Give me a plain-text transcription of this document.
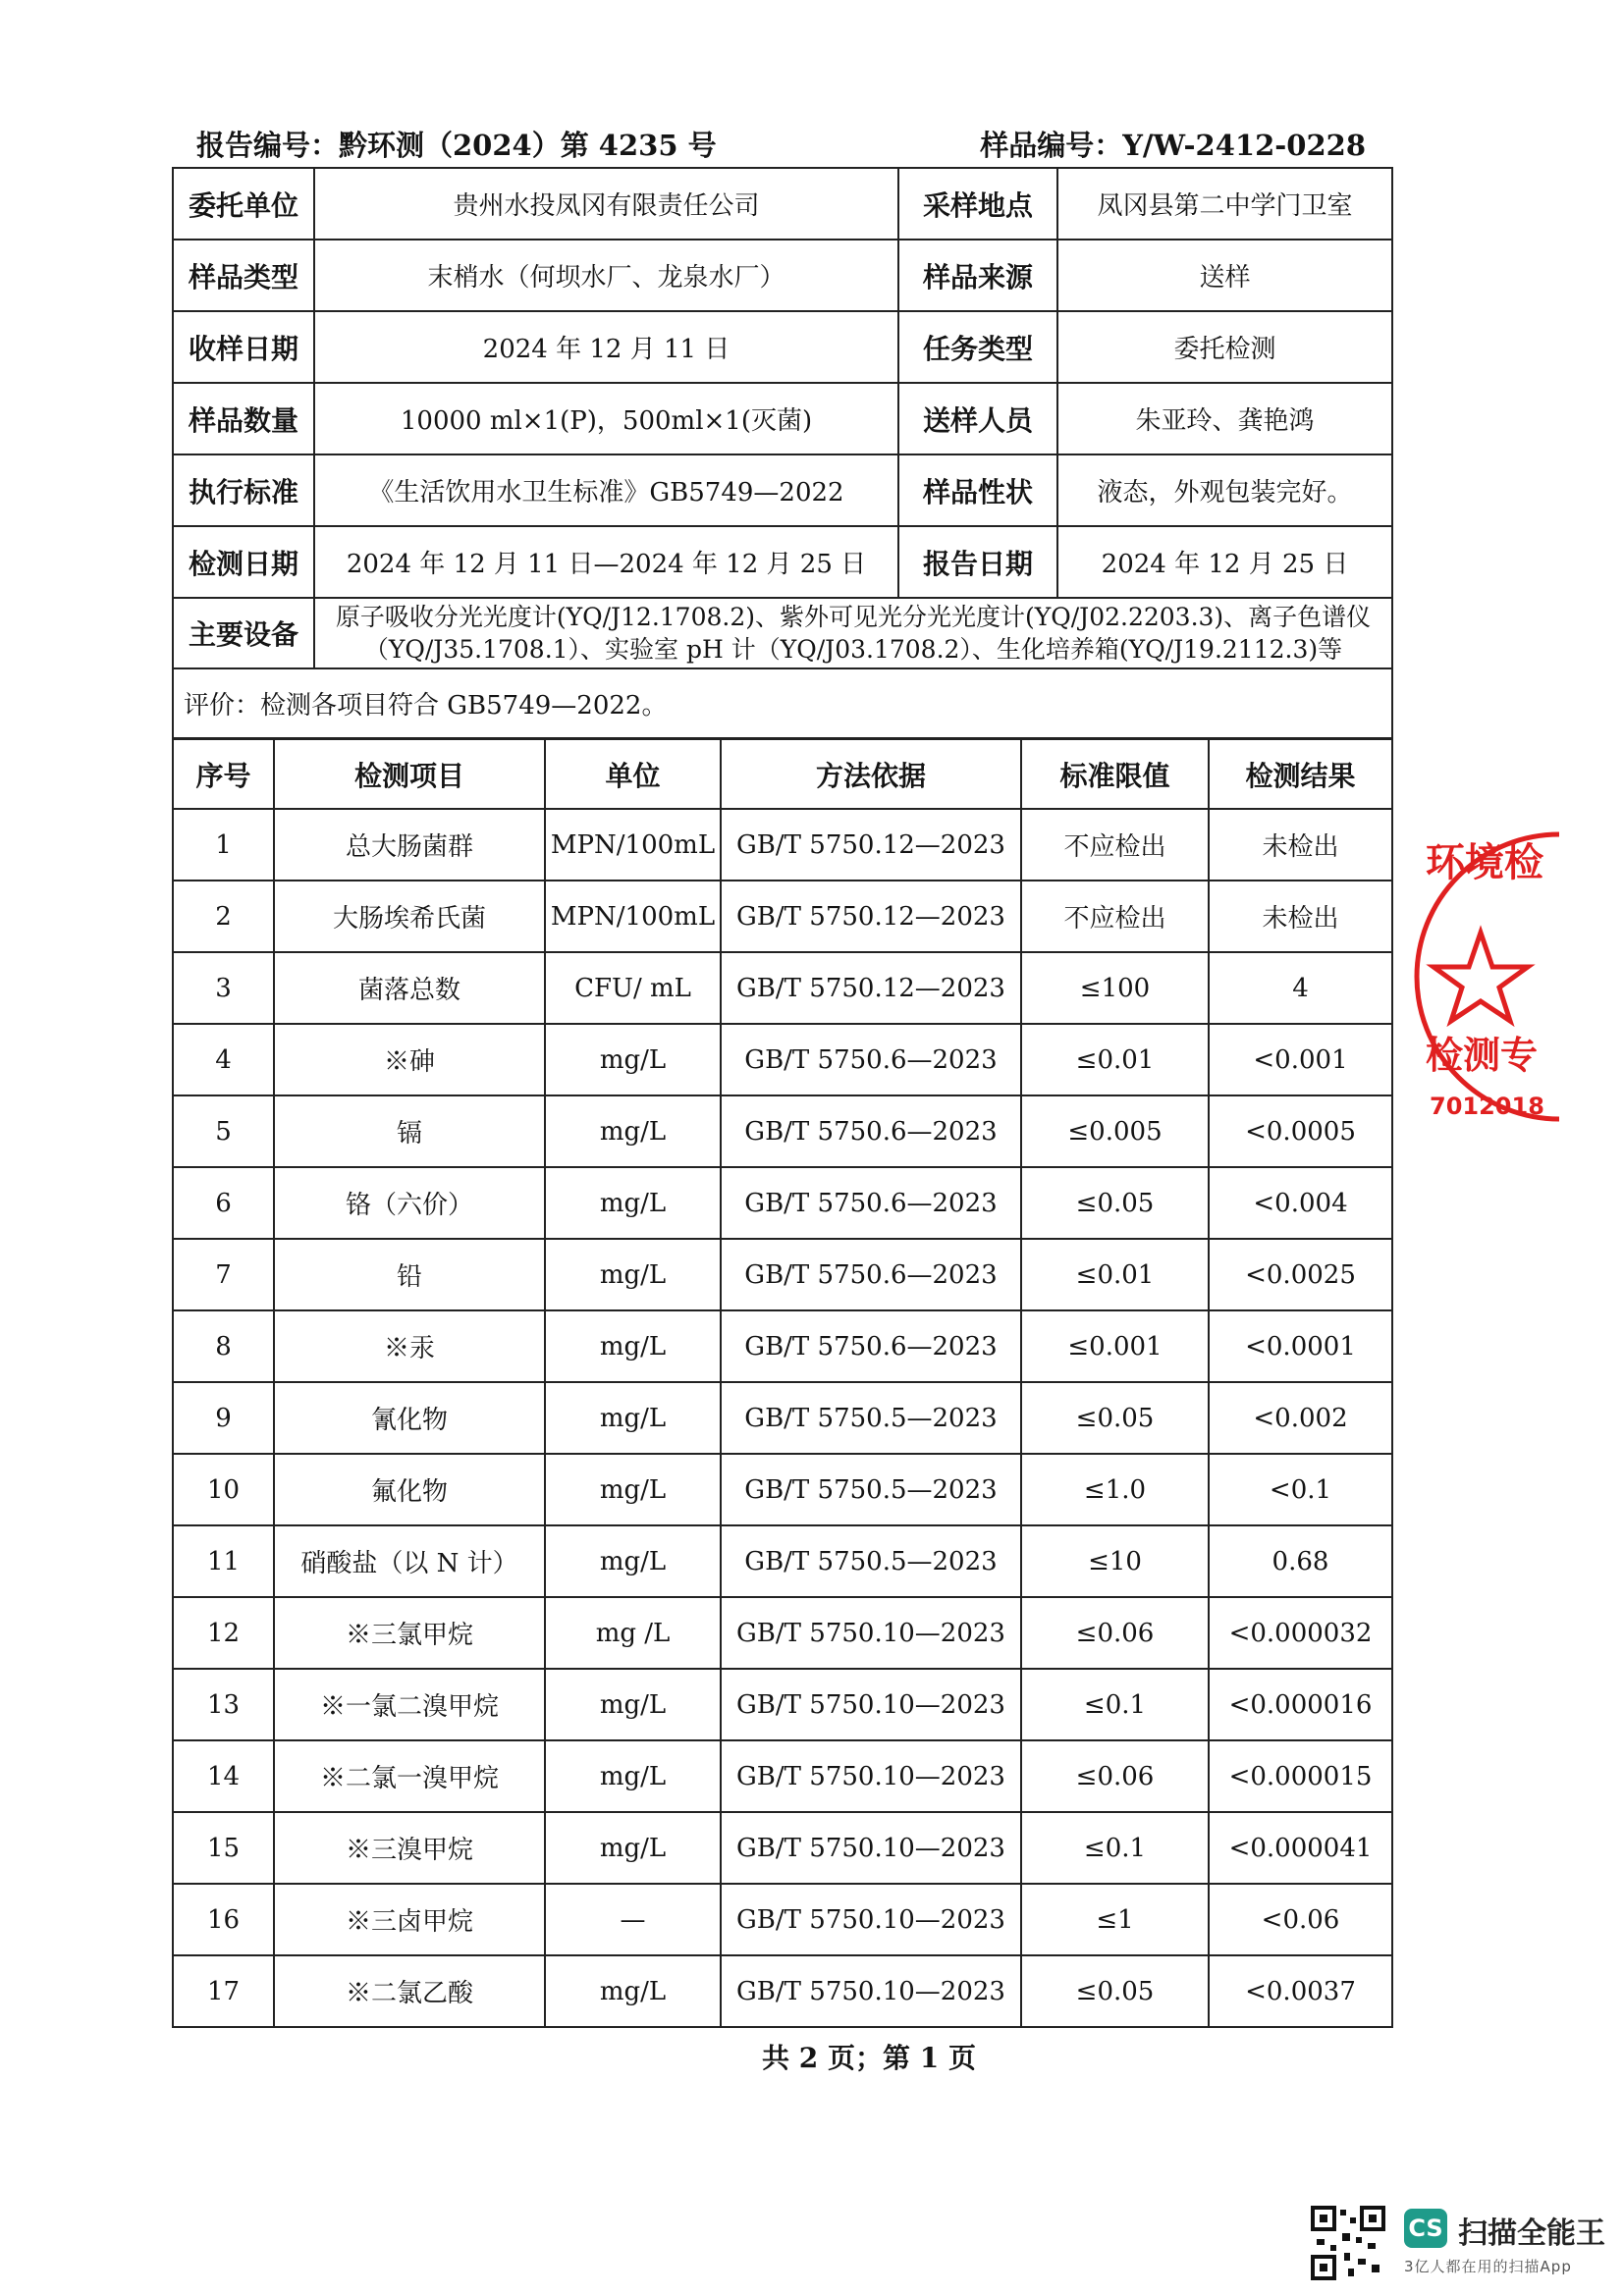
报告编号：黔环测（2024）第 4235 号	样品编号：Y/W-2412-0228
委托单位	贵州水投凤冈有限责任公司	采样地点	凤冈县第二中学门卫室
样品类型	末梢水（何坝水厂、龙泉水厂）	样品来源	送样
收样日期	2024 年 12 月 11 日	任务类型	委托检测
样品数量	10000 ml×1(P)，500ml×1(灭菌)	送样人员	朱亚玲、龚艳鸿
执行标准	《生活饮用水卫生标准》GB5749—2022	样品性状	液态，外观包装完好。
检测日期	2024 年 12 月 11 日—2024 年 12 月 25 日	报告日期	2024 年 12 月 25 日
主要设备	原子吸收分光光度计(YQ/J12.1708.2)、紫外可见光分光光度计(YQ/J02.2203.3)、离子色谱仪
（YQ/J35.1708.1）、实验室 pH 计（YQ/J03.1708.2）、生化培养箱(YQ/J19.2112.3)等		

评价：检测各项目符合 GB5749—2022。			
序号	检测项目	单位	方法依据	标准限值	检测结果
1	总大肠菌群	MPN/100mL	GB/T 5750.12—2023	不应检出	未检出
2	大肠埃希氏菌	MPN/100mL	GB/T 5750.12—2023	不应检出	未检出
3	菌落总数	CFU/ mL	GB/T 5750.12—2023	≤100	4
4	※砷	mg/L	GB/T 5750.6—2023	≤0.01	<0.001
5	镉	mg/L	GB/T 5750.6—2023	≤0.005	<0.0005
6	铬（六价）	mg/L	GB/T 5750.6—2023	≤0.05	<0.004
7	铅	mg/L	GB/T 5750.6—2023	≤0.01	<0.0025
8	※汞	mg/L	GB/T 5750.6—2023	≤0.001	<0.0001
9	氰化物	mg/L	GB/T 5750.5—2023	≤0.05	<0.002
10	氟化物	mg/L	GB/T 5750.5—2023	≤1.0	<0.1
11	硝酸盐（以 N 计）	mg/L	GB/T 5750.5—2023	≤10	0.68
12	※三氯甲烷	mg /L	GB/T 5750.10—2023	≤0.06	<0.000032
13	※一氯二溴甲烷	mg/L	GB/T 5750.10—2023	≤0.1	<0.000016
14	※二氯一溴甲烷	mg/L	GB/T 5750.10—2023	≤0.06	<0.000015
15	※三溴甲烷	mg/L	GB/T 5750.10—2023	≤0.1	<0.000041
16	※三卤甲烷	—	GB/T 5750.10—2023	≤1	<0.06
17	※二氯乙酸	mg/L	GB/T 5750.10—2023	≤0.05	<0.0037
共 2 页；第 1 页
环境检
检测专
7012018
CS 扫描全能王
3亿人都在用的扫描App
